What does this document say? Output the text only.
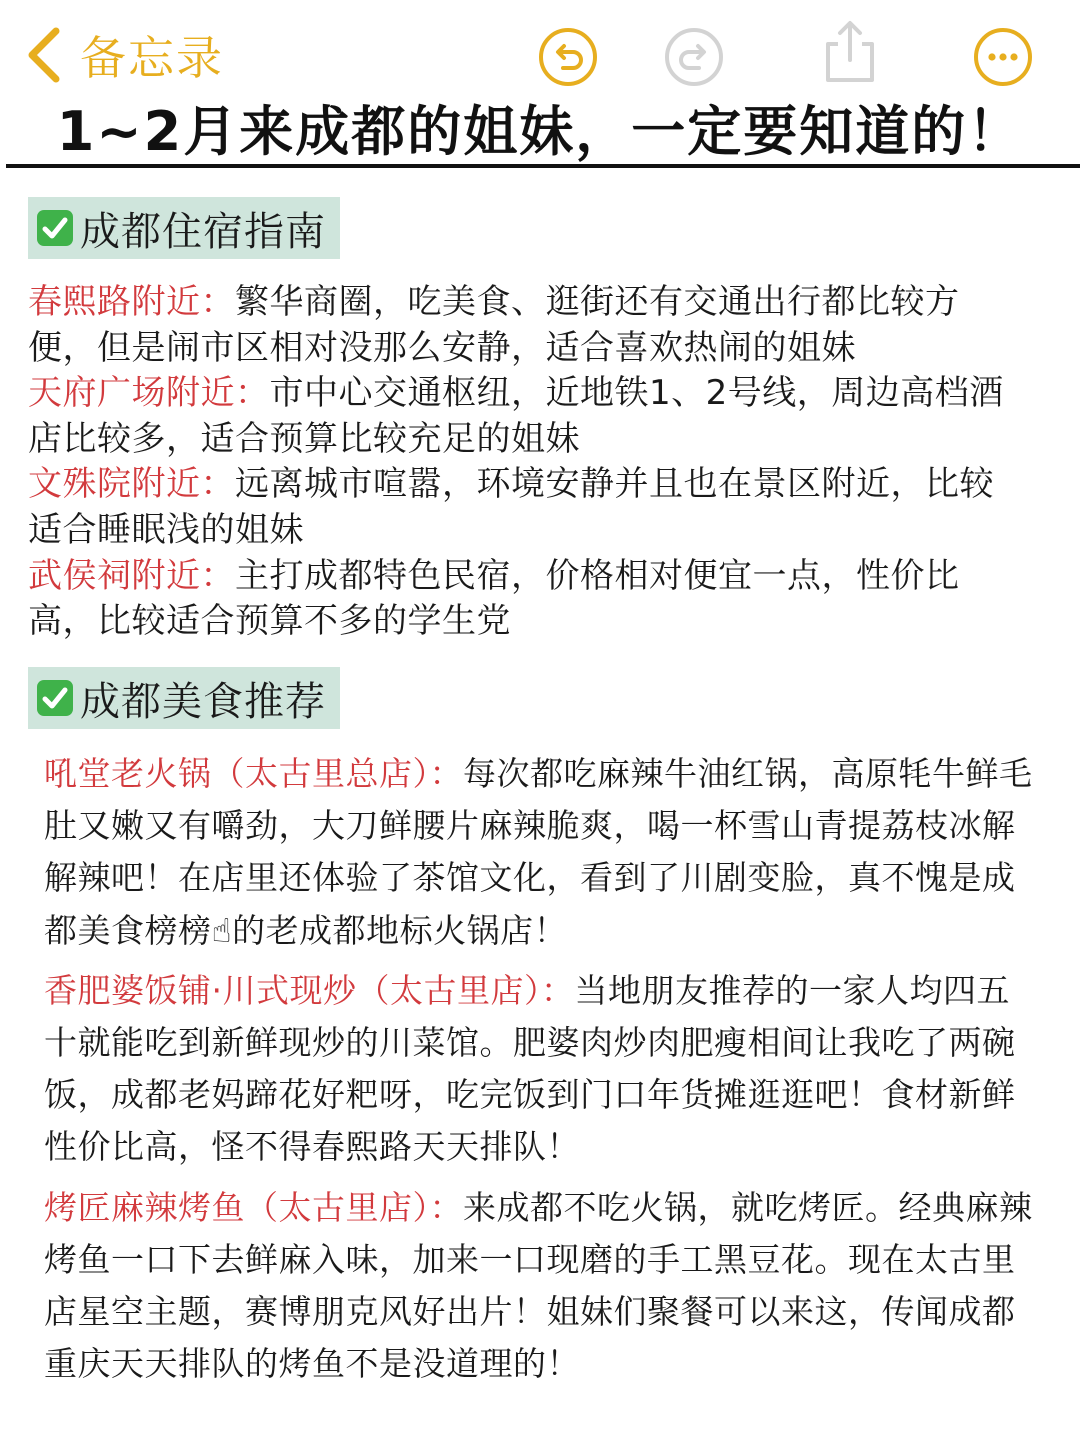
备忘录
1~2月来成都的姐妹，一定要知道的！
成都住宿指南

春熙路附近：繁华商圈，吃美食、逛街还有交通出行都比较方便，但是闹市区相对没那么安静，适合喜欢热闹的姐妹

天府广场附近：市中心交通枢纽，近地铁1、2号线，周边高档酒店比较多，适合预算比较充足的姐妹

文殊院附近：远离城市喧嚣，环境安静并且也在景区附近，比较适合睡眠浅的姐妹

武侯祠附近：主打成都特色民宿，价格相对便宜一点，性价比高，比较适合预算不多的学生党

成都美食推荐

吼堂老火锅（太古里总店）：每次都吃麻辣牛油红锅，高原牦牛鲜毛肚又嫩又有嚼劲，大刀鲜腰片麻辣脆爽，喝一杯雪山青提荔枝冰解解辣吧！在店里还体验了茶馆文化，看到了川剧变脸，真不愧是成都美食榜榜☝的老成都地标火锅店！

香肥婆饭铺·川式现炒（太古里店）：当地朋友推荐的一家人均四五十就能吃到新鲜现炒的川菜馆。肥婆肉炒肉肥瘦相间让我吃了两碗饭，成都老妈蹄花好粑呀，吃完饭到门口年货摊逛逛吧！食材新鲜性价比高，怪不得春熙路天天排队！

烤匠麻辣烤鱼（太古里店）：来成都不吃火锅，就吃烤匠。经典麻辣烤鱼一口下去鲜麻入味，加来一口现磨的手工黑豆花。现在太古里店星空主题，赛博朋克风好出片！姐妹们聚餐可以来这，传闻成都重庆天天排队的烤鱼不是没道理的！
